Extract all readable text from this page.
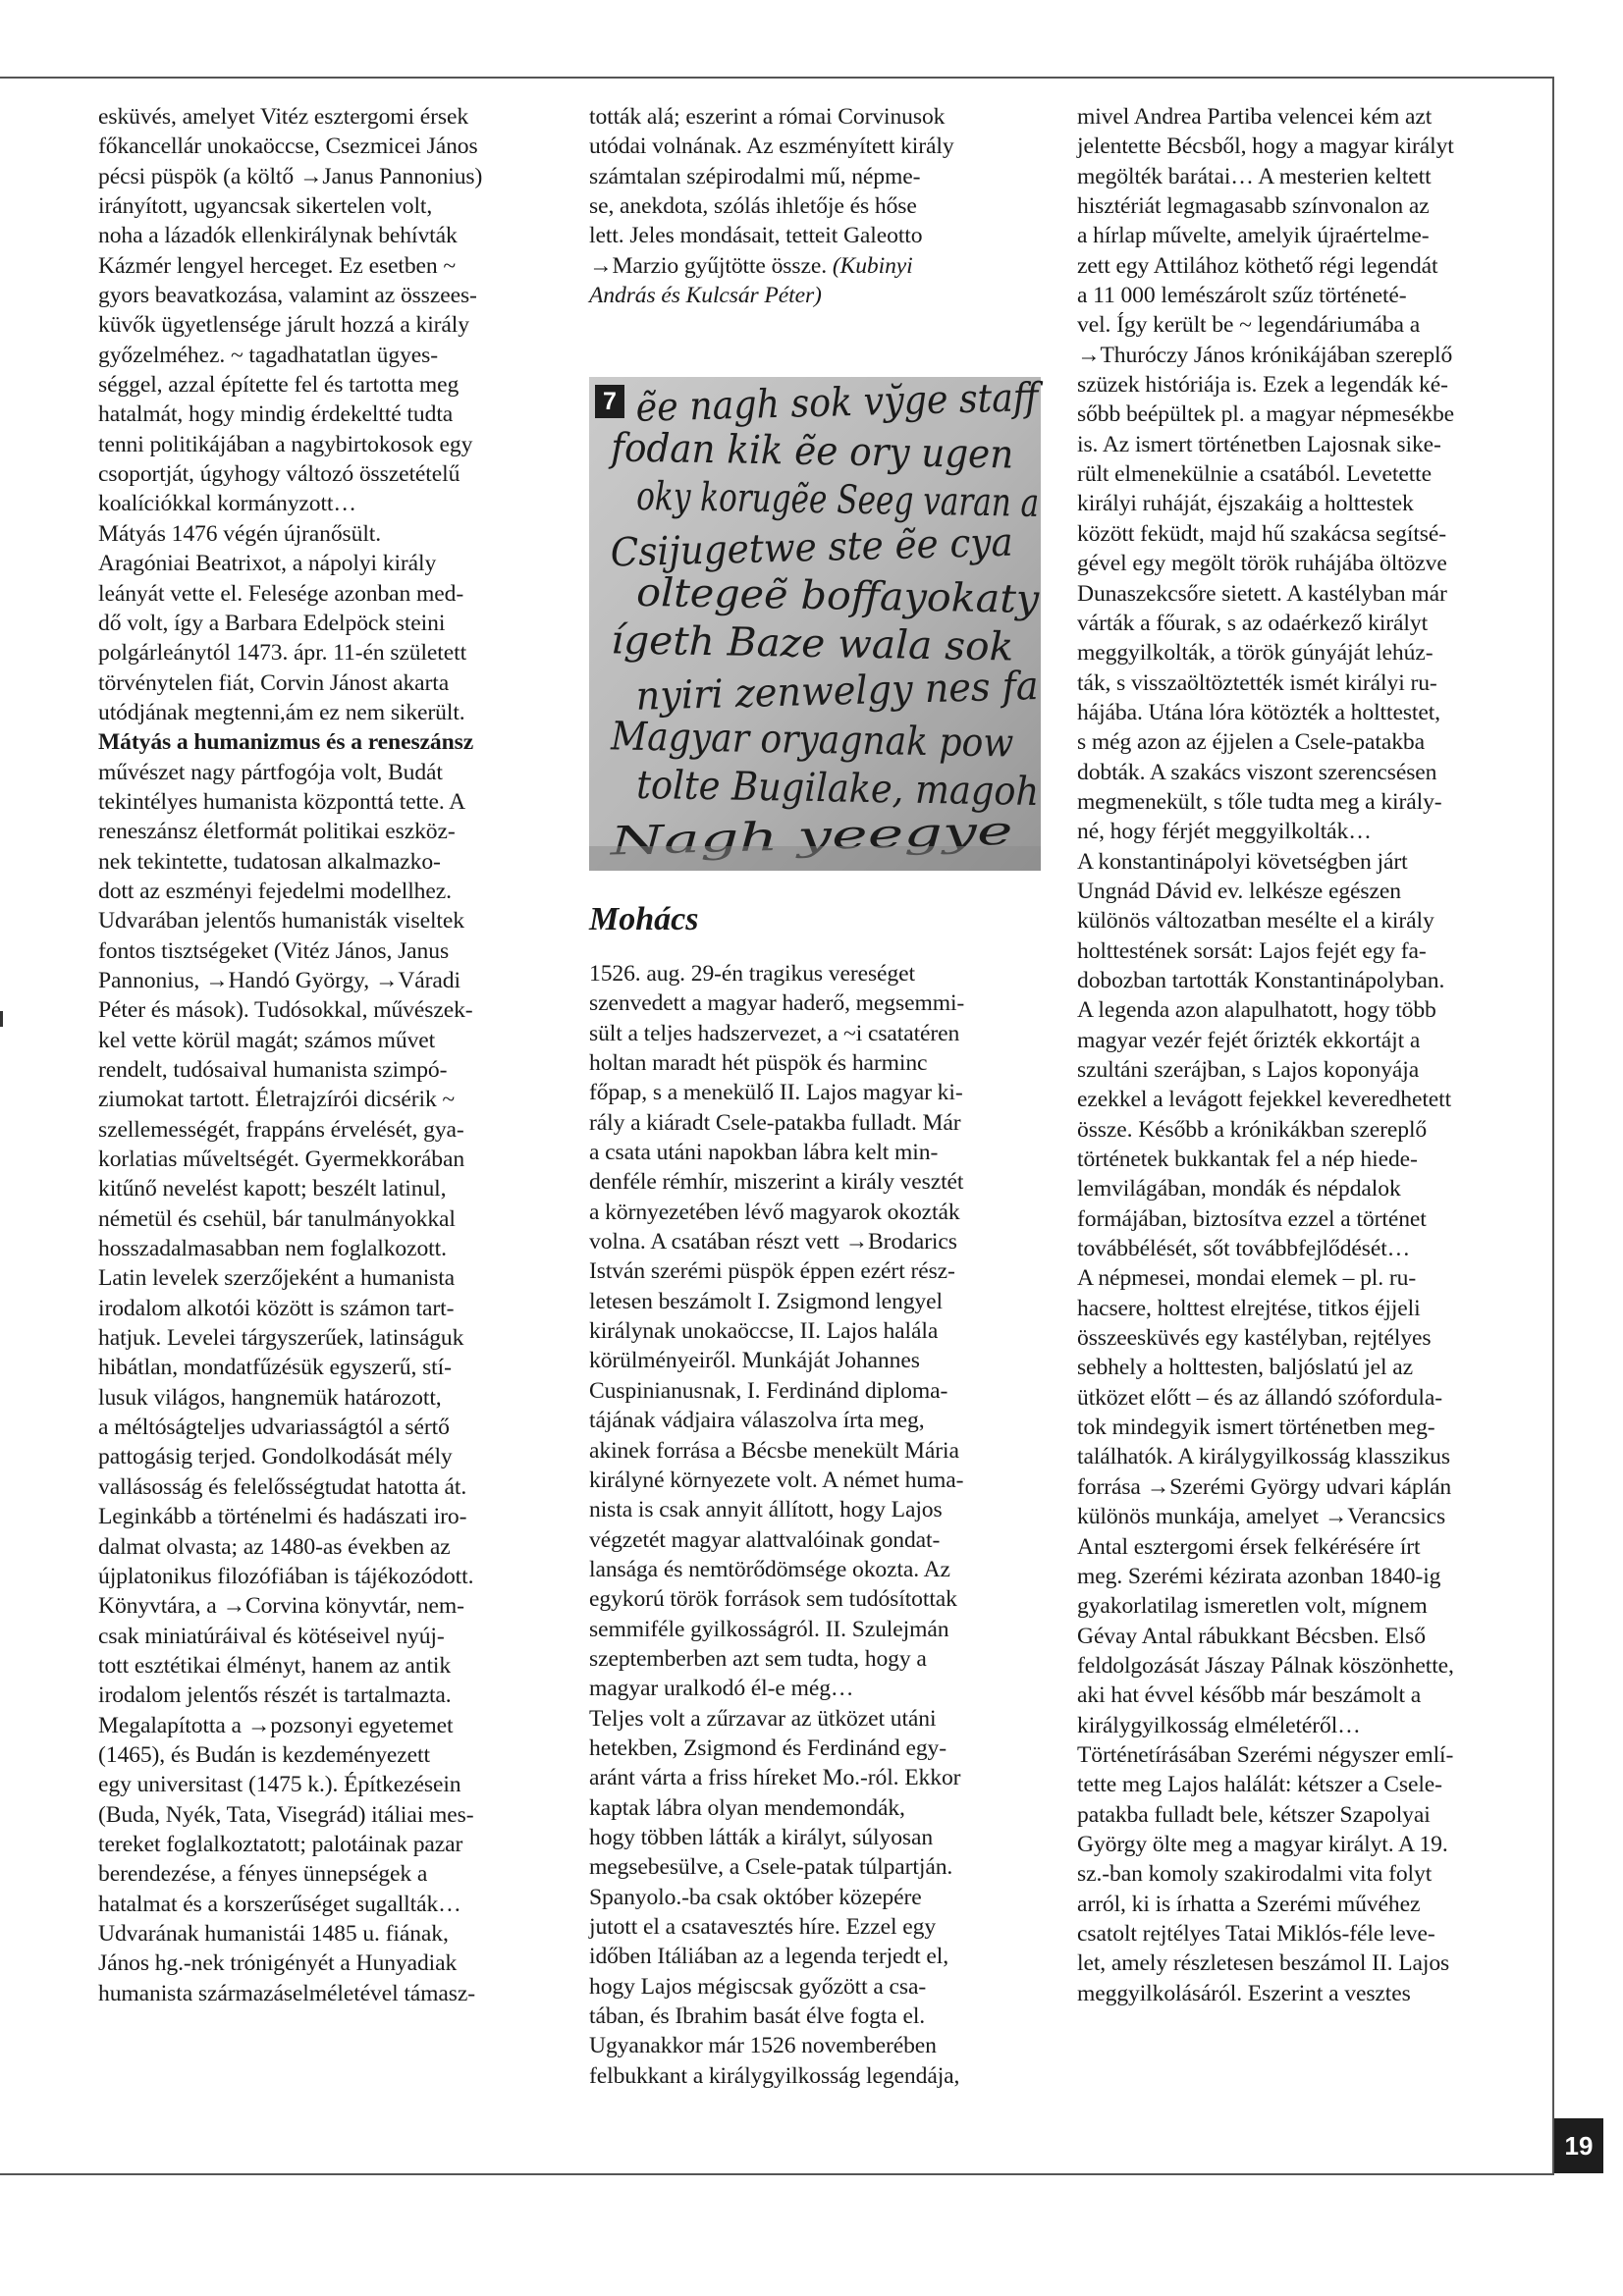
esküvés, amelyet Vitéz esztergomi érsek
főkancellár unokaöccse, Csezmicei János
pécsi püspök (a költő →Janus Pannonius)
irányított, ugyancsak sikertelen volt,
noha a lázadók ellenkirálynak behívták
Kázmér lengyel herceget. Ez esetben ~
gyors beavatkozása, valamint az összees-
küvők ügyetlensége járult hozzá a király
győzelméhez. ~ tagadhatatlan ügyes-
séggel, azzal építette fel és tartotta meg
hatalmát, hogy mindig érdekeltté tudta
tenni politikájában a nagybirtokosok egy
csoportját, úgyhogy változó összetételű
koalíciókkal kormányzott…
Mátyás 1476 végén újranősült.
Aragóniai Beatrixot, a nápolyi király
leányát vette el. Felesége azonban med-
dő volt, így a Barbara Edelpöck steini
polgárleánytól 1473. ápr. 11-én született
törvénytelen fiát, Corvin Jánost akarta
utódjának megtenni,ám ez nem sikerült.
Mátyás a humanizmus és a reneszánsz
művészet nagy pártfogója volt, Budát
tekintélyes humanista központtá tette. A
reneszánsz életformát politikai eszköz-
nek tekintette, tudatosan alkalmazko-
dott az eszményi fejedelmi modellhez.
Udvarában jelentős humanisták viseltek
fontos tisztségeket (Vitéz János, Janus
Pannonius, →Handó György, →Váradi
Péter és mások). Tudósokkal, művészek-
kel vette körül magát; számos művet
rendelt, tudósaival humanista szimpó-
ziumokat tartott. Életrajzírói dicsérik ~
szellemességét, frappáns érvelését, gya-
korlatias műveltségét. Gyermekkorában
kitűnő nevelést kapott; beszélt latinul,
németül és csehül, bár tanulmányokkal
hosszadalmasabban nem foglalkozott.
Latin levelek szerzőjeként a humanista
irodalom alkotói között is számon tart-
hatjuk. Levelei tárgyszerűek, latinságuk
hibátlan, mondatfűzésük egyszerű, stí-
lusuk világos, hangnemük határozott,
a méltóságteljes udvariasságtól a sértő
pattogásig terjed. Gondolkodását mély
vallásosság és felelősségtudat hatotta át.
Leginkább a történelmi és hadászati iro-
dalmat olvasta; az 1480-as években az
újplatonikus filozófiában is tájékozódott.
Könyvtára, a →Corvina könyvtár, nem-
csak miniatúráival és kötéseivel nyúj-
tott esztétikai élményt, hanem az antik
irodalom jelentős részét is tartalmazta.
Megalapította a →pozsonyi egyetemet
(1465), és Budán is kezdeményezett
egy universitast (1475 k.). Építkezésein
(Buda, Nyék, Tata, Visegrád) itáliai mes-
tereket foglalkoztatott; palotáinak pazar
berendezése, a fényes ünnepségek a
hatalmat és a korszerűséget sugallták…
Udvarának humanistái 1485 u. fiának,
János hg.-nek trónigényét a Hunyadiak
humanista származáselméletével támasz-
tották alá; eszerint a római Corvinusok
utódai volnának. Az eszményített király
számtalan szépirodalmi mű, népme-
se, anekdota, szólás ihletője és hőse
lett. Jeles mondásait, tetteit Galeotto
→Marzio gyűjtötte össze. (Kubinyi
András és Kulcsár Péter)
ẽe nagh sok vy̆ge staff
fodan kik ẽe ory ugen
oky korugẽe Seeg varan a
Csijugetwe ste ẽe cya
oltegeẽ boffayokaty
ígeth Baze wala sok
nyiri zenwelgy nes fa
Magyar oryagnak pow
tolte Bugilake, magoh
Nagh yeegye
7
Mohács
1526. aug. 29-én tragikus vereséget
szenvedett a magyar haderő, megsemmi-
sült a teljes hadszervezet, a ~i csatatéren
holtan maradt hét püspök és harminc
főpap, s a menekülő II. Lajos magyar ki-
rály a kiáradt Csele-patakba fulladt. Már
a csata utáni napokban lábra kelt min-
denféle rémhír, miszerint a király vesztét
a környezetében lévő magyarok okozták
volna. A csatában részt vett →Brodarics
István szerémi püspök éppen ezért rész-
letesen beszámolt I. Zsigmond lengyel
királynak unokaöccse, II. Lajos halála
körülményeiről. Munkáját Johannes
Cuspinianusnak, I. Ferdinánd diploma-
tájának vádjaira válaszolva írta meg,
akinek forrása a Bécsbe menekült Mária
királyné környezete volt. A német huma-
nista is csak annyit állított, hogy Lajos
végzetét magyar alattvalóinak gondat-
lansága és nemtörődömsége okozta. Az
egykorú török források sem tudósítottak
semmiféle gyilkosságról. II. Szulejmán
szeptemberben azt sem tudta, hogy a
magyar uralkodó él-e még…
Teljes volt a zűrzavar az ütközet utáni
hetekben, Zsigmond és Ferdinánd egy-
aránt várta a friss híreket Mo.-ról. Ekkor
kaptak lábra olyan mendemondák,
hogy többen látták a királyt, súlyosan
megsebesülve, a Csele-patak túlpartján.
Spanyolo.-ba csak október közepére
jutott el a csatavesztés híre. Ezzel egy
időben Itáliában az a legenda terjedt el,
hogy Lajos mégiscsak győzött a csa-
tában, és Ibrahim basát élve fogta el.
Ugyanakkor már 1526 novemberében
felbukkant a királygyilkosság legendája,
mivel Andrea Partiba velencei kém azt
jelentette Bécsből, hogy a magyar királyt
megölték barátai… A mesterien keltett
hisztériát legmagasabb színvonalon az
a hírlap művelte, amelyik újraértelme-
zett egy Attilához köthető régi legendát
a 11 000 lemészárolt szűz történeté-
vel. Így került be ~ legendáriumába a
→Thuróczy János krónikájában szereplő
szüzek históriája is. Ezek a legendák ké-
sőbb beépültek pl. a magyar népmesékbe
is. Az ismert történetben Lajosnak sike-
rült elmenekülnie a csatából. Levetette
királyi ruháját, éjszakáig a holttestek
között feküdt, majd hű szakácsa segítsé-
gével egy megölt török ruhájába öltözve
Dunaszekcsőre sietett. A kastélyban már
várták a főurak, s az odaérkező királyt
meggyilkolták, a török gúnyáját lehúz-
ták, s visszaöltöztették ismét királyi ru-
hájába. Utána lóra kötözték a holttestet,
s még azon az éjjelen a Csele-patakba
dobták. A szakács viszont szerencsésen
megmenekült, s tőle tudta meg a király-
né, hogy férjét meggyilkolták…
A konstantinápolyi követségben járt
Ungnád Dávid ev. lelkésze egészen
különös változatban mesélte el a király
holttestének sorsát: Lajos fejét egy fa-
dobozban tartották Konstantinápolyban.
A legenda azon alapulhatott, hogy több
magyar vezér fejét őrizték ekkortájt a
szultáni szerájban, s Lajos koponyája
ezekkel a levágott fejekkel keveredhetett
össze. Később a krónikákban szereplő
történetek bukkantak fel a nép hiede-
lemvilágában, mondák és népdalok
formájában, biztosítva ezzel a történet
továbbélését, sőt továbbfejlődését…
A népmesei, mondai elemek – pl. ru-
hacsere, holttest elrejtése, titkos éjjeli
összeesküvés egy kastélyban, rejtélyes
sebhely a holttesten, baljóslatú jel az
ütközet előtt – és az állandó szófordula-
tok mindegyik ismert történetben meg-
találhatók. A királygyilkosság klasszikus
forrása →Szerémi György udvari káplán
különös munkája, amelyet →Verancsics
Antal esztergomi érsek felkérésére írt
meg. Szerémi kézirata azonban 1840-ig
gyakorlatilag ismeretlen volt, mígnem
Gévay Antal rábukkant Bécsben. Első
feldolgozását Jászay Pálnak köszönhette,
aki hat évvel később már beszámolt a
királygyilkosság elméletéről…
Történetírásában Szerémi négyszer emlí-
tette meg Lajos halálát: kétszer a Csele-
patakba fulladt bele, kétszer Szapolyai
György ölte meg a magyar királyt. A 19.
sz.-ban komoly szakirodalmi vita folyt
arról, ki is írhatta a Szerémi művéhez
csatolt rejtélyes Tatai Miklós-féle leve-
let, amely részletesen beszámol II. Lajos
meggyilkolásáról. Eszerint a vesztes
19
